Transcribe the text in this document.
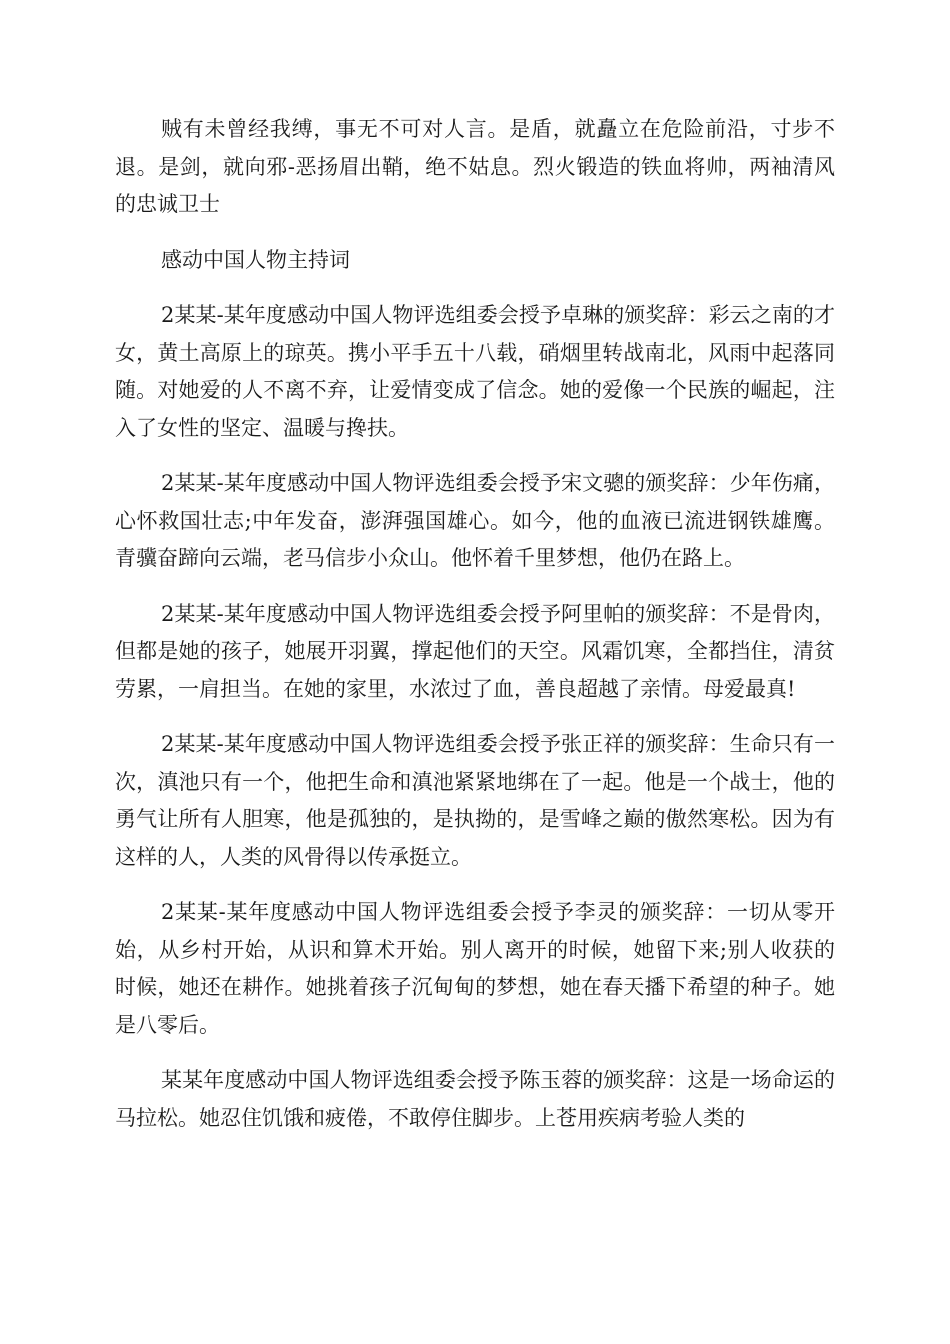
贼有未曾经我缚，事无不可对人言。是盾，就矗立在危险前沿，寸步不退。是剑，就向邪-恶扬眉出鞘，绝不姑息。烈火锻造的铁血将帅，两袖清风的忠诚卫士

感动中国人物主持词

2某某-某年度感动中国人物评选组委会授予卓琳的颁奖辞：彩云之南的才女，黄土高原上的琼英。携小平手五十八载，硝烟里转战南北，风雨中起落同随。对她爱的人不离不弃，让爱情变成了信念。她的爱像一个民族的崛起，注入了女性的坚定、温暖与搀扶。

2某某-某年度感动中国人物评选组委会授予宋文骢的颁奖辞：少年伤痛，心怀救国壮志;中年发奋，澎湃强国雄心。如今，他的血液已流进钢铁雄鹰。青骥奋蹄向云端，老马信步小众山。他怀着千里梦想，他仍在路上。

2某某-某年度感动中国人物评选组委会授予阿里帕的颁奖辞：不是骨肉，但都是她的孩子，她展开羽翼，撑起他们的天空。风霜饥寒，全都挡住，清贫劳累，一肩担当。在她的家里，水浓过了血，善良超越了亲情。母爱最真!

2某某-某年度感动中国人物评选组委会授予张正祥的颁奖辞：生命只有一次，滇池只有一个，他把生命和滇池紧紧地绑在了一起。他是一个战士，他的勇气让所有人胆寒，他是孤独的，是执拗的，是雪峰之巅的傲然寒松。因为有这样的人，人类的风骨得以传承挺立。

2某某-某年度感动中国人物评选组委会授予李灵的颁奖辞：一切从零开始，从乡村开始，从识和算术开始。别人离开的时候，她留下来;别人收获的时候，她还在耕作。她挑着孩子沉甸甸的梦想，她在春天播下希望的种子。她是八零后。

某某年度感动中国人物评选组委会授予陈玉蓉的颁奖辞：这是一场命运的马拉松。她忍住饥饿和疲倦，不敢停住脚步。上苍用疾病考验人类的
